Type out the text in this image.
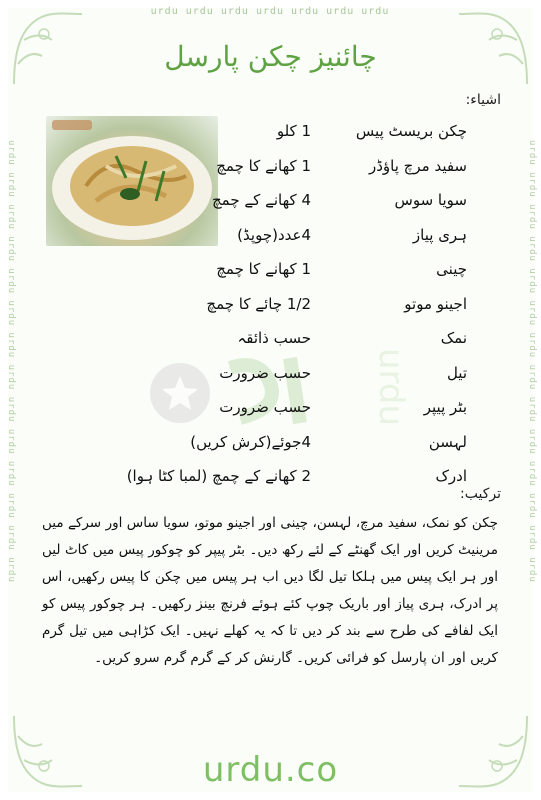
urdu urdu urdu urdu urdu urdu urdu
urdu urdu urdu urdu urdu urdu urdu urdu urdu urdu urdu urdu urdu urdu	urdu urdu urdu urdu urdu urdu urdu urdu urdu urdu urdu urdu urdu urdu
چائنیز چکن پارسل
اشیاء:
urdu
چکن بریسٹ پیس
1 کلو
سفید مرچ پاؤڈر
1 کھانے کا چمچ
سویا سوس
4 کھانے کے چمچ
ہری پیاز
4عدد(چوپڈ)
چینی
1 کھانے کا چمچ
اجینو موتو
1/2 چائے کا چمچ
نمک
حسب ذائقہ
تیل
حسب ضرورت
بٹر پیپر
حسب ضرورت
لہسن
4جوئے(کرش کریں)
ادرک
2 کھانے کے چمچ (لمبا کٹا ہوا)
ترکیب:
چکن کو نمک، سفید مرچ، لہسن، چینی اور اجینو موتو، سویا ساس اور سرکے میں مرینیٹ کریں اور ایک گھنٹے کے لئے رکھ دیں۔ بٹر پیپر کو چوکور پیس میں کاٹ لیں اور ہر ایک پیس میں ہلکا تیل لگا دیں اب ہر پیس میں چکن کا پیس رکھیں، اس پر ادرک، ہری پیاز اور باریک چوپ کئے ہوئے فرنچ بینز رکھیں۔ ہر چوکور پیس کو ایک لفافے کی طرح سے بند کر دیں تا کہ یہ کھلے نہیں۔ ایک کڑاہی میں تیل گرم کریں اور ان پارسل کو فرائی کریں۔ گارنش کر کے گرم گرم سرو کریں۔
urdu.co
